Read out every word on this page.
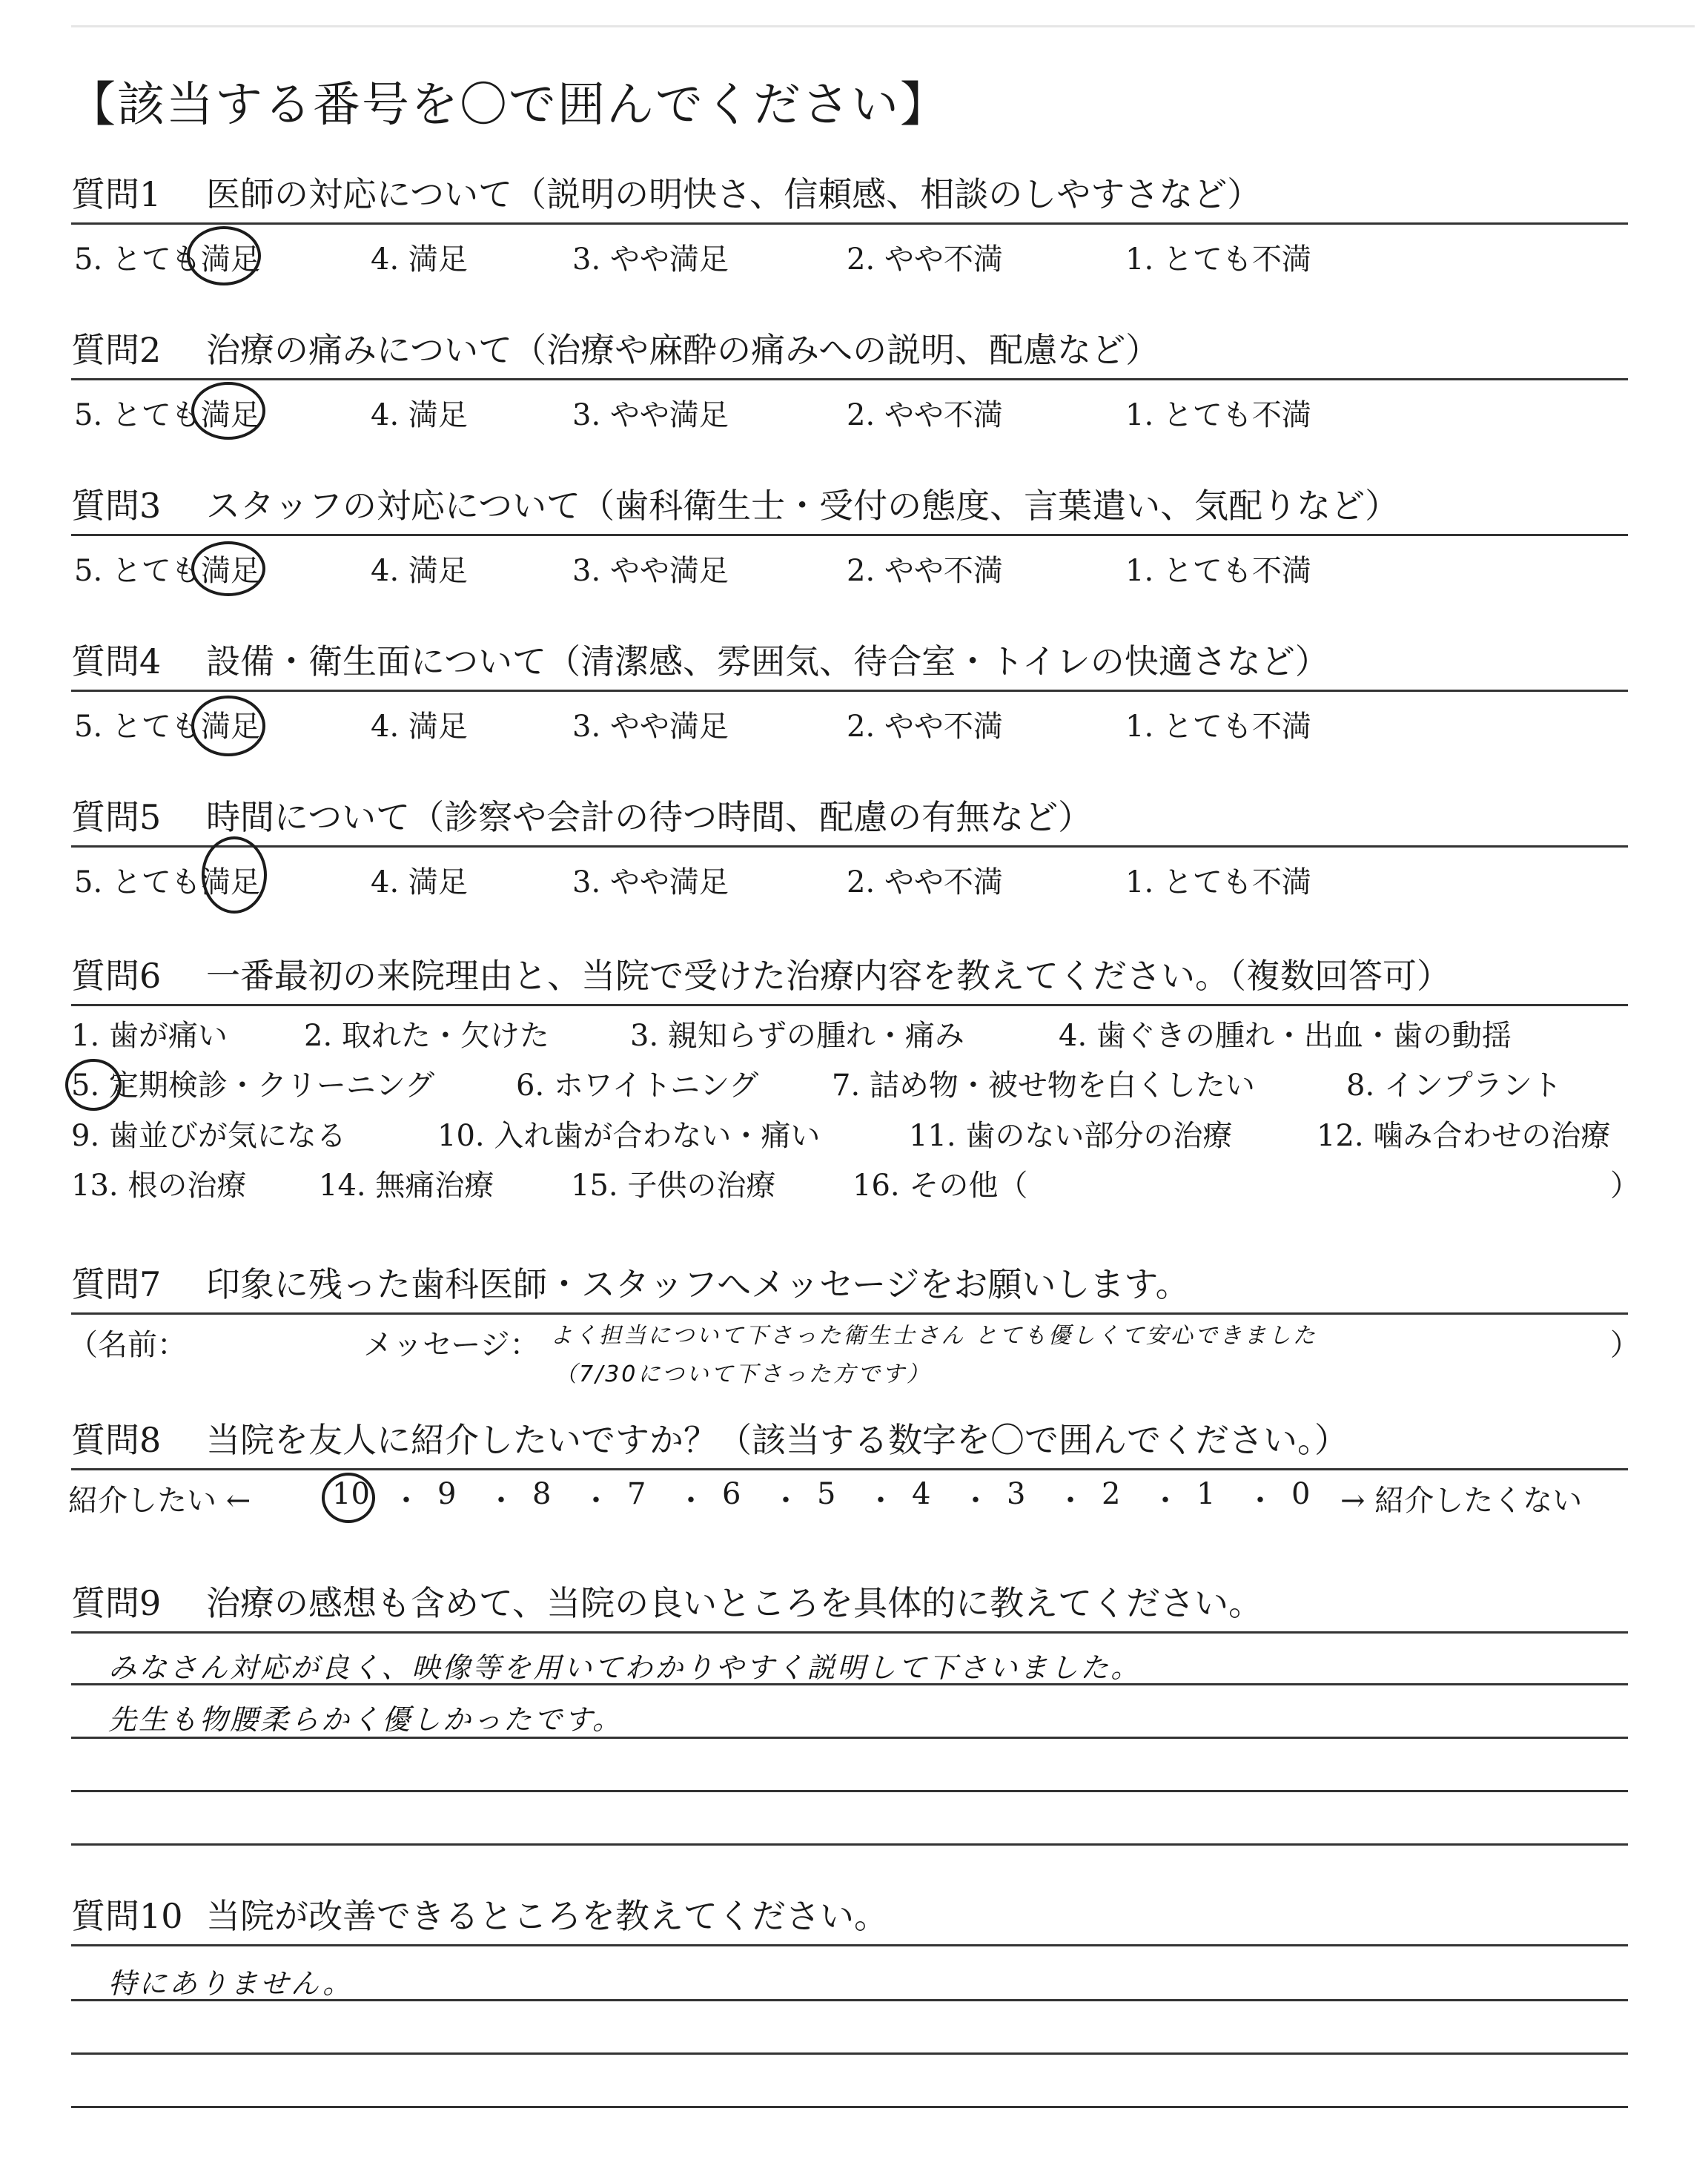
【該当する番号を〇で囲んでください】
質問1 医師の対応について（説明の明快さ、信頼感、相談のしやすさなど）
5. とても満足	4. 満足	3. やや満足	2. やや不満	1. とても不満
質問2 治療の痛みについて（治療や麻酔の痛みへの説明、配慮など）
5. とても満足	4. 満足	3. やや満足	2. やや不満	1. とても不満
質問3 スタッフの対応について（歯科衛生士・受付の態度、言葉遣い、気配りなど）
5. とても満足	4. 満足	3. やや満足	2. やや不満	1. とても不満
質問4 設備・衛生面について（清潔感、雰囲気、待合室・トイレの快適さなど）
5. とても満足	4. 満足	3. やや満足	2. やや不満	1. とても不満
質問5 時間について（診察や会計の待つ時間、配慮の有無など）
5. とても満足	4. 満足	3. やや満足	2. やや不満	1. とても不満
質問6 一番最初の来院理由と、当院で受けた治療内容を教えてください。（複数回答可）
1. 歯が痛い	2. 取れた・欠けた	3. 親知らずの腫れ・痛み	4. 歯ぐきの腫れ・出血・歯の動揺
5. 定期検診・クリーニング	6. ホワイトニング 7. 詰め物・被せ物を白くしたい	8. インプラント
9. 歯並びが気になる	10. 入れ歯が合わない・痛い	11. 歯のない部分の治療	12. 噛み合わせの治療
13. 根の治療 14. 無痛治療	15. 子供の治療	16. その他（	）
質問7 印象に残った歯科医師・スタッフへメッセージをお願いします。
（名前：	メッセージ：	）
よく担当について下さった衛生士さん とても優しくて安心できました
（7/30について下さった方です）
質問8 当院を友人に紹介したいですか？（該当する数字を〇で囲んでください。）
紹介したい ←	10 ・ 9 ・ 8 ・ 7 ・ 6 ・ 5 ・ 4 ・ 3 ・ 2 ・ 1 ・ 0 → 紹介したくない
質問9 治療の感想も含めて、当院の良いところを具体的に教えてください。
みなさん対応が良く、映像等を用いてわかりやすく説明して下さいました。
先生も物腰柔らかく優しかったです。
質問10 当院が改善できるところを教えてください。
特にありません。
